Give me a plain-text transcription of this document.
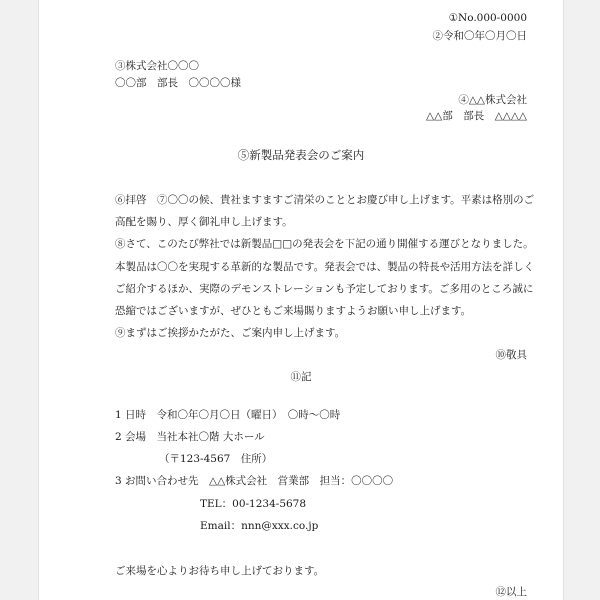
①No.000-0000
②令和〇年〇月〇日
③株式会社〇〇〇
〇〇部　部長　〇〇〇〇様
④△△株式会社
△△部　部長　△△△△
⑤新製品発表会のご案内
⑥拝啓　⑦〇〇の候、貴社ますますご清栄のこととお慶び申し上げます。平素は格別のご
高配を賜り、厚く御礼申し上げます。
⑧さて、このたび弊社では新製品□□の発表会を下記の通り開催する運びとなりました。
本製品は〇〇を実現する革新的な製品です。発表会では、製品の特長や活用方法を詳しく
ご紹介するほか、実際のデモンストレーションも予定しております。ご多用のところ誠に
恐縮ではございますが、ぜひともご来場賜りますようお願い申し上げます。
⑨まずはご挨拶かたがた、ご案内申し上げます。
⑩敬具
⑪記
1 日時　令和〇年〇月〇日（曜日）　〇時〜〇時
2 会場　当社本社〇階 大ホール
（〒123-4567　住所）
3 お問い合わせ先　△△株式会社　営業部　担当：〇〇〇〇
TEL：00-1234-5678
Email：nnn@xxx.co.jp
ご来場を心よりお待ち申し上げております。
⑫以上
